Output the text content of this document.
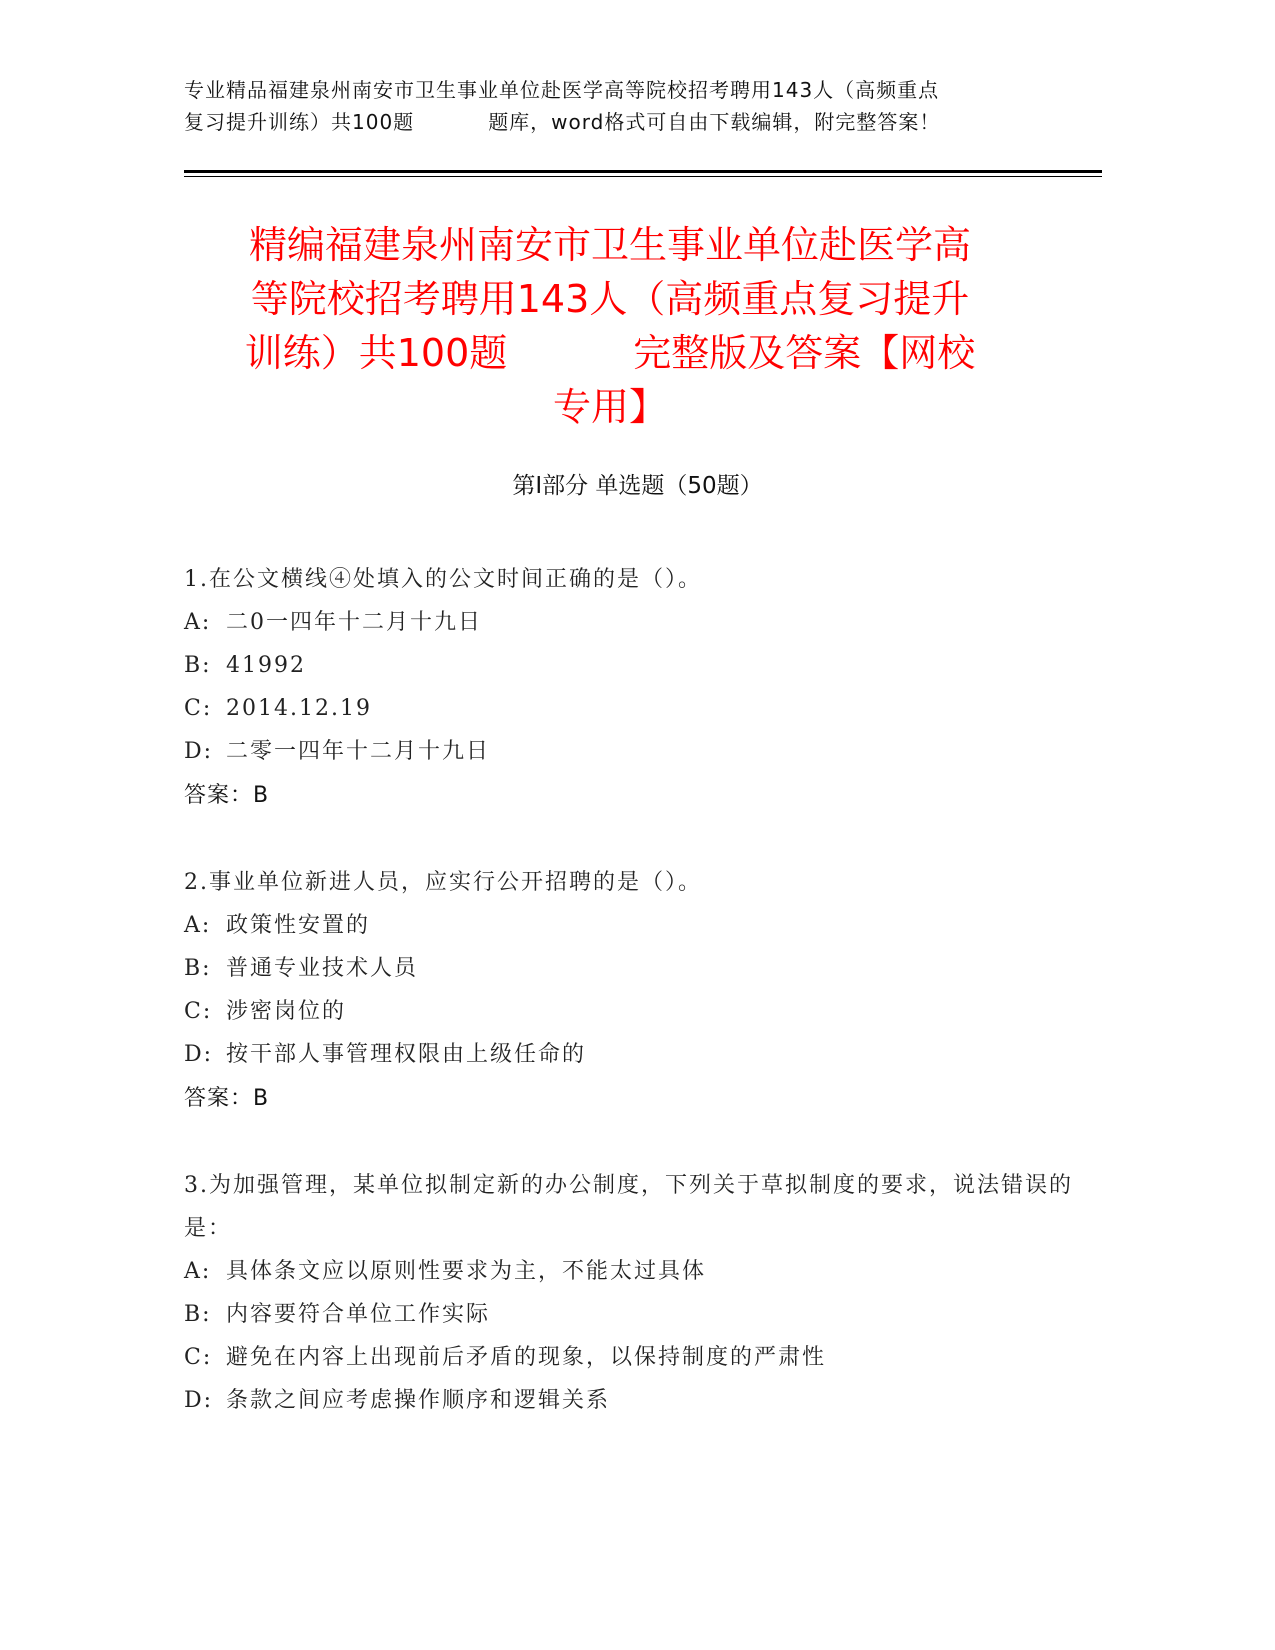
专业精品福建泉州南安市卫生事业单位赴医学高等院校招考聘用143人（高频重点
复习提升训练）共100题	题库，word格式可自由下载编辑，附完整答案！
精编福建泉州南安市卫生事业单位赴医学高
等院校招考聘用143人（高频重点复习提升
训练）共100题	完整版及答案【网校
专用】
第I部分 单选题（50题）
1.在公文横线④处填入的公文时间正确的是（）。
A: 二0一四年十二月十九日
B: 41992
C: 2014.12.19
D: 二零一四年十二月十九日
答案：B
2.事业单位新进人员，应实行公开招聘的是（）。
A: 政策性安置的
B: 普通专业技术人员
C: 涉密岗位的
D: 按干部人事管理权限由上级任命的
答案：B
3.为加强管理，某单位拟制定新的办公制度，下列关于草拟制度的要求，说法错误的是：
A: 具体条文应以原则性要求为主，不能太过具体
B: 内容要符合单位工作实际
C: 避免在内容上出现前后矛盾的现象，以保持制度的严肃性
D: 条款之间应考虑操作顺序和逻辑关系
